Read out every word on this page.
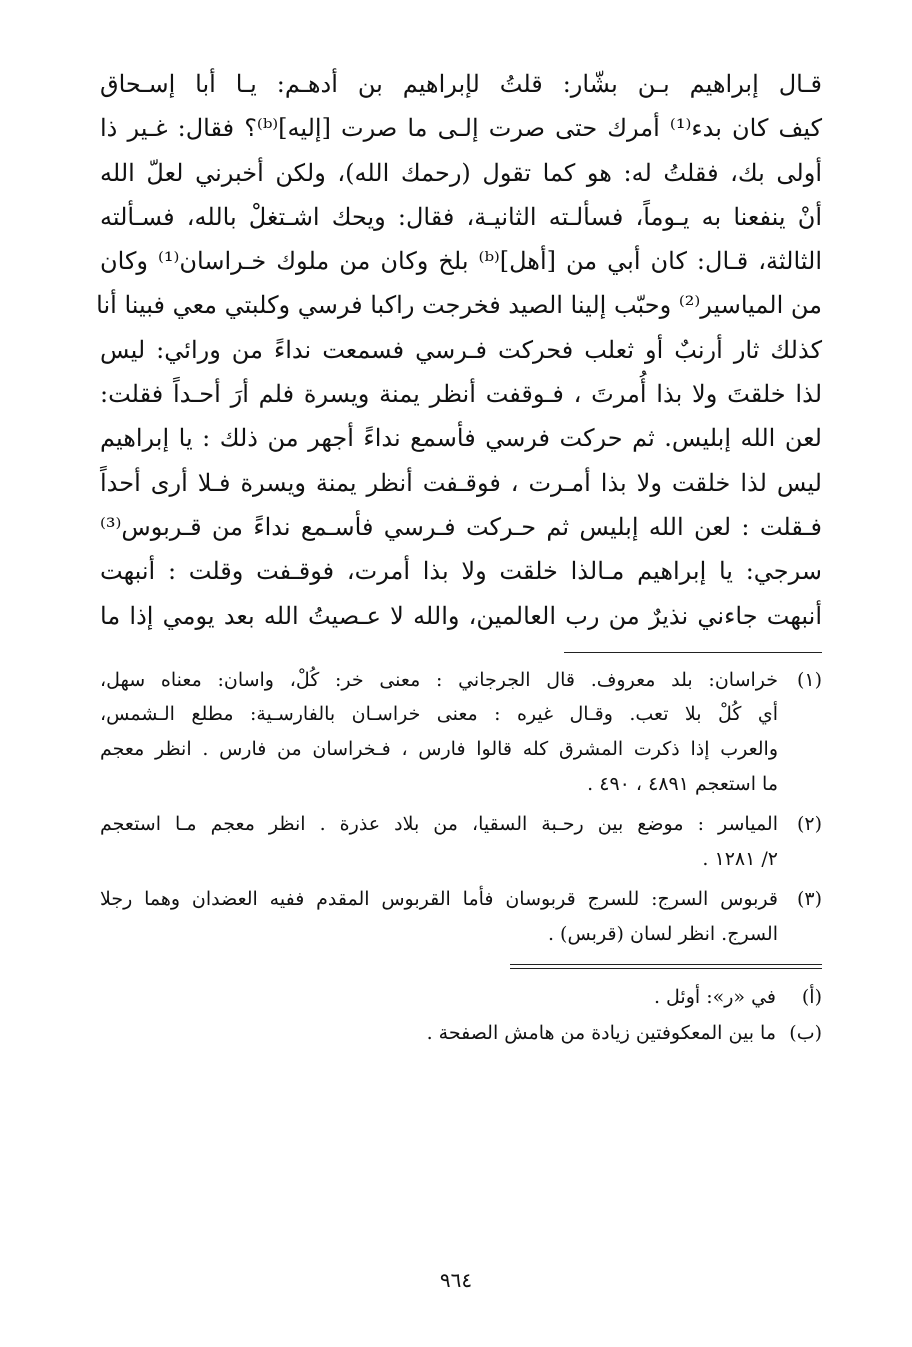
قـال إبراهيم بـن بشّار: قلتُ لإبراهيم بن أدهـم: يـا أبا إسـحاق
كيف كان بدء⁽¹⁾ أمرك حتى صرت إلـى ما صرت [إليه]⁽ᵇ⁾؟ فقال: غـير ذا
أولى بك، فقلتُ له: هو كما تقول (رحمك الله)، ولكن أخبرني لعلّ الله
أنْ ينفعنا به يـوماً، فسألـته الثانيـة، فقال: ويحك اشـتغلْ بالله، فسـألته
الثالثة، قـال: كان أبي من [أهل]⁽ᵇ⁾ بلخ وكان من ملوك خـراسان⁽¹⁾ وكان
من المياسير⁽²⁾ وحبّب إلينا الصيد فخرجت راكبا فرسي وكلبتي معي فبينا أنا
كذلك ثار أرنبٌ أو ثعلب فحركت فـرسي فسمعت نداءً من ورائي: ليس
لذا خلقتَ ولا بذا أُمرتَ ، فـوقفت أنظر يمنة ويسرة فلم أرَ أحـداً فقلت:
لعن الله إبليس. ثم حركت فرسي فأسمع نداءً أجهر من ذلك : يا إبراهيم
ليس لذا خلقت ولا بذا أمـرت ، فوقـفت أنظر يمنة ويسرة فـلا أرى أحداً
فـقلت : لعن الله إبليس ثم حـركت فـرسي فأسـمع نداءً من قـربوس⁽³⁾
سرجي: يا إبراهيم مـالذا خلقت ولا بذا أمرت، فوقـفت وقلت : أنبهت
أنبهت جاءني نذيرٌ من رب العالمين، والله لا عـصيتُ الله بعد يومي إذا ما
(١)
خراسان: بلد معروف. قال الجرجاني : معنى خر: كُلْ، واسان: معناه سهل،
أي كُلْ بلا تعب. وقـال غيره : معنى خراسـان بالفارسـية: مطلع الـشمس،
والعرب إذا ذكرت المشرق كله قالوا فارس ، فـخراسان من فارس . انظر معجم
ما استعجم ٤٨٩١ ، ٤٩٠ .
(٢)
المياسر : موضع بين رحـبة السقيا، من بلاد عذرة . انظر معجم مـا استعجم
٢/ ١٢٨١ .
(٣)
قربوس السرج: للسرج قربوسان فأما القربوس المقدم ففيه العضدان وهما رجلا
السرج. انظر لسان (قربس) .
(أ)
في «ر»: أوئل .
(ب)
ما بين المعكوفتين زيادة من هامش الصفحة .
٩٦٤
